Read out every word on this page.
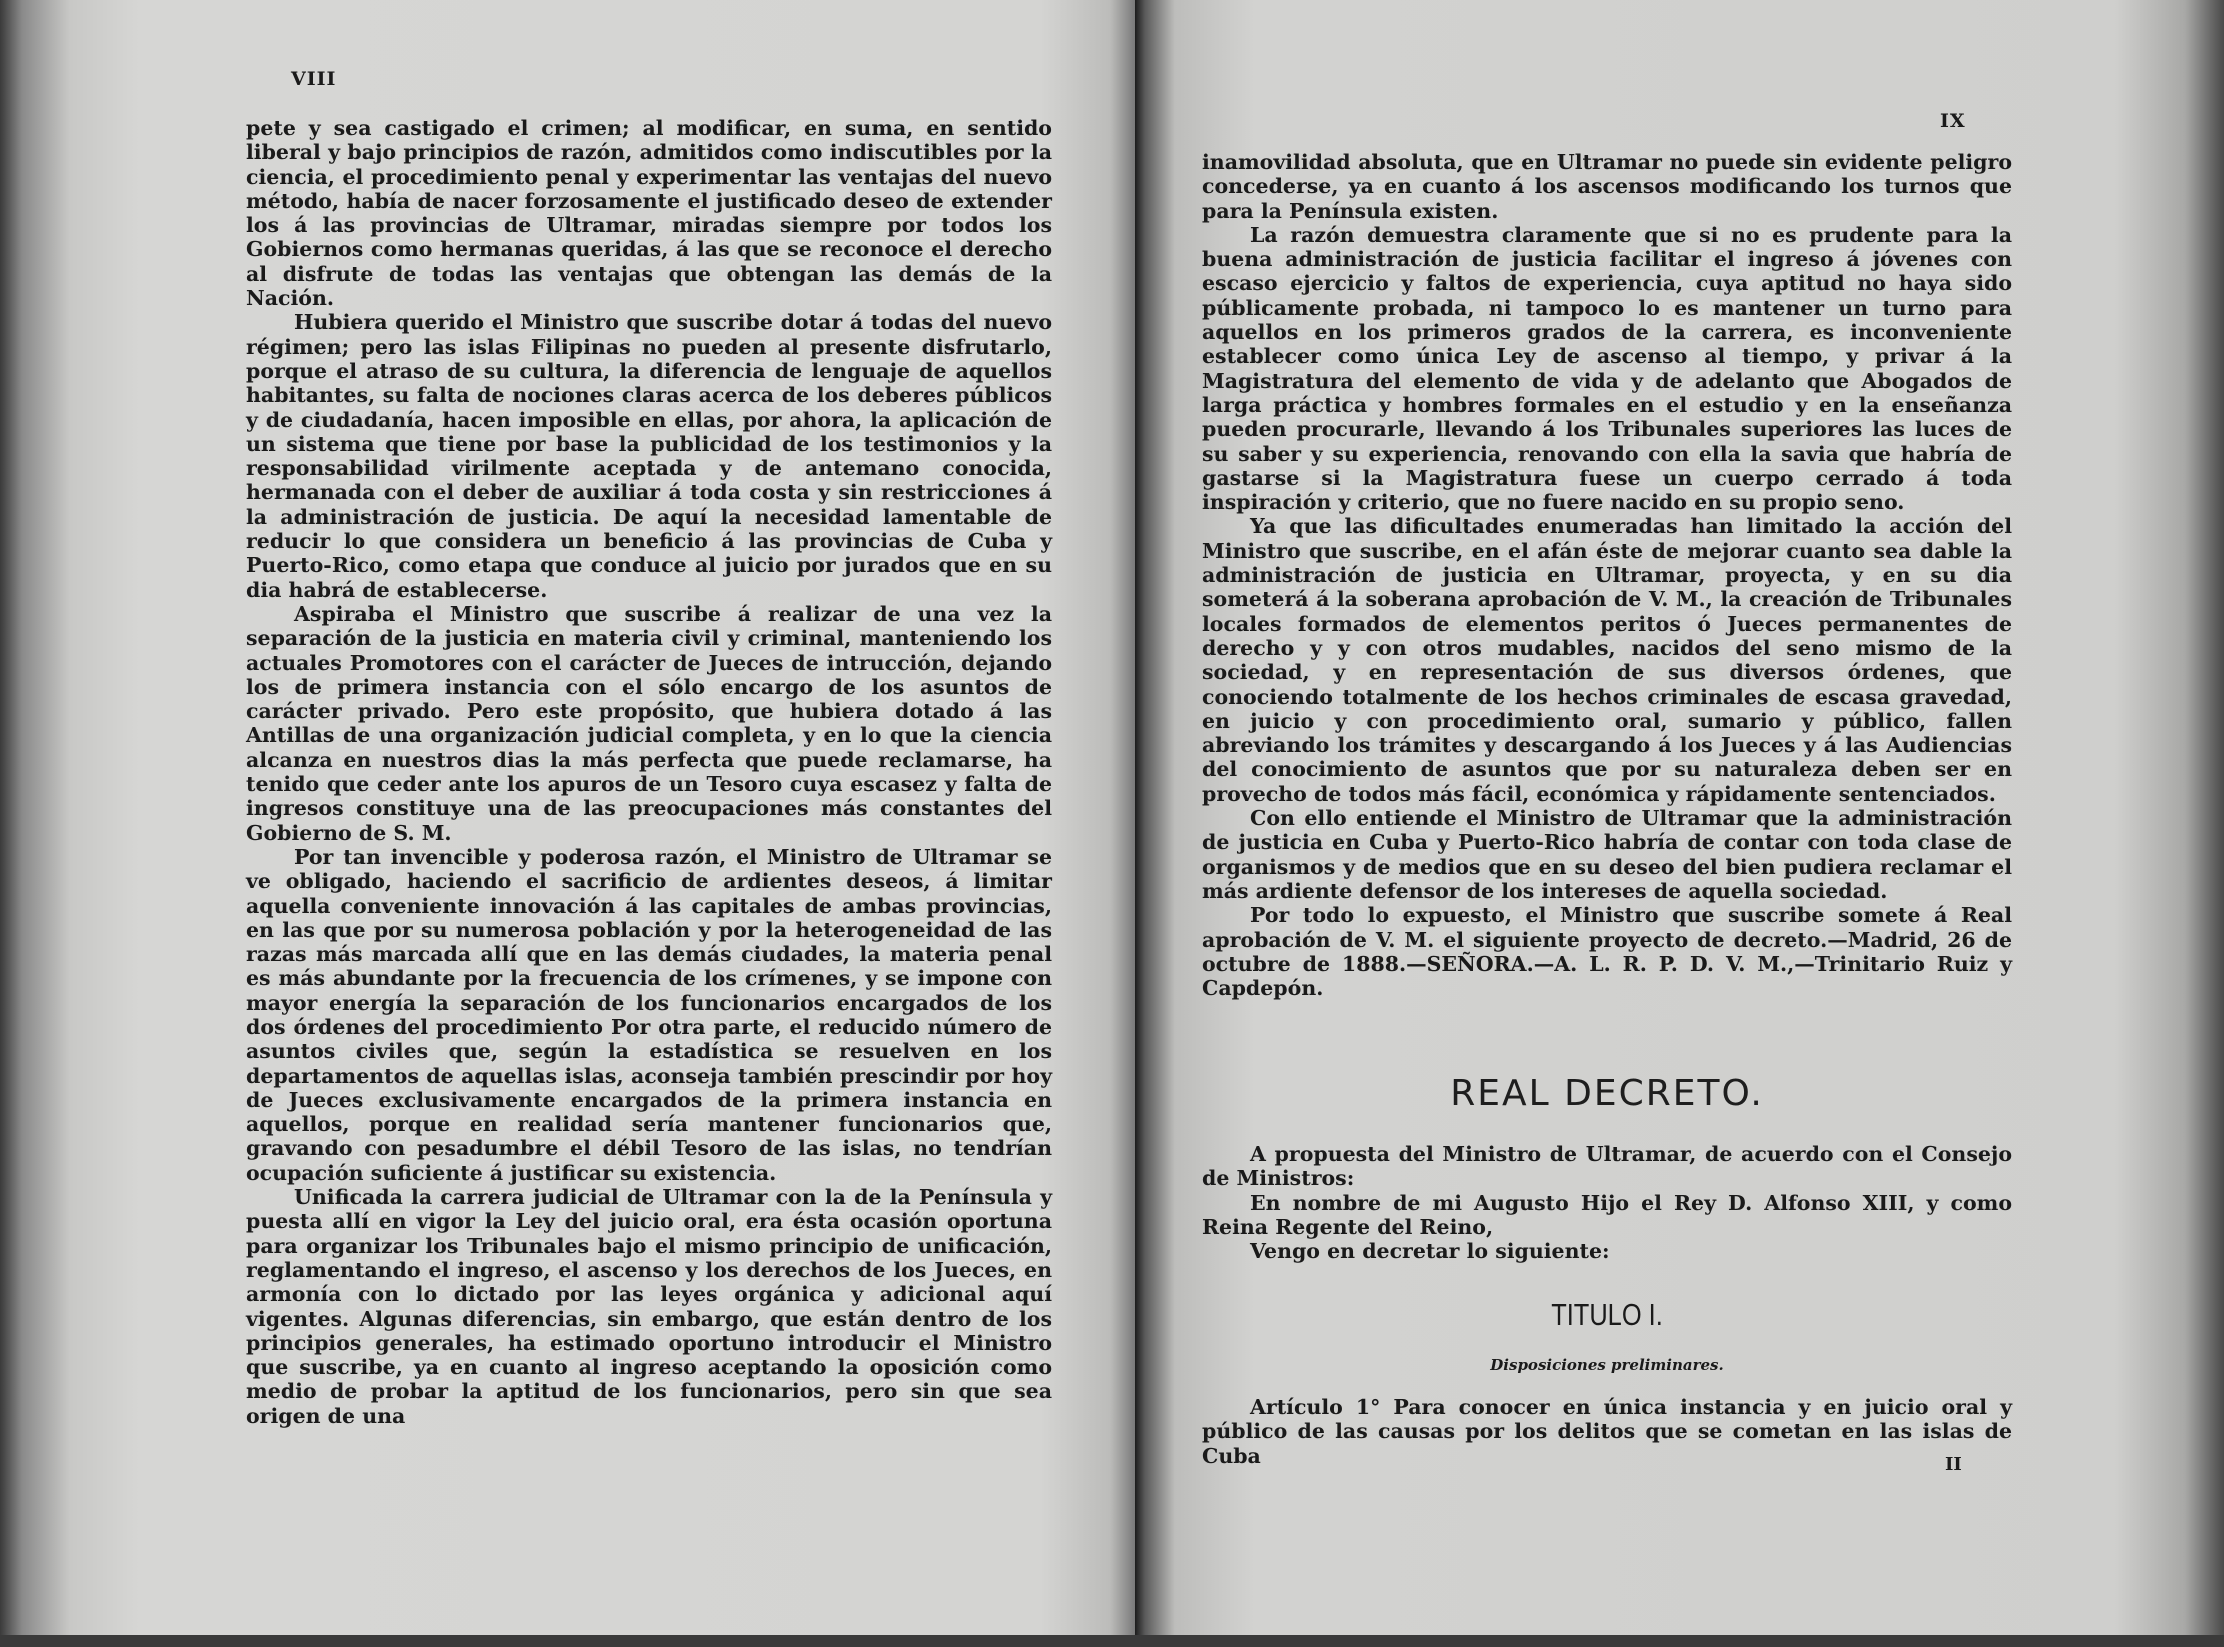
VIII

pete y sea castigado el crimen; al modificar, en suma, en sentido liberal y bajo principios de razón, admitidos como indiscutibles por la ciencia, el procedimiento penal y experimentar las ventajas del nuevo método, había de nacer forzosamente el justificado deseo de extender los á las provincias de Ultramar, miradas siempre por todos los Gobiernos como hermanas queridas, á las que se reconoce el derecho al disfrute de todas las ventajas que obtengan las demás de la Nación.

Hubiera querido el Ministro que suscribe dotar á todas del nuevo régimen; pero las islas Filipinas no pueden al presente disfrutarlo, porque el atraso de su cultura, la diferencia de lenguaje de aquellos habitantes, su falta de nociones claras acerca de los deberes públicos y de ciudadanía, hacen imposible en ellas, por ahora, la aplicación de un sistema que tiene por base la publicidad de los testimonios y la responsabilidad virilmente aceptada y de antemano conocida, hermanada con el deber de auxiliar á toda costa y sin restricciones á la administración de justicia. De aquí la necesidad lamentable de reducir lo que considera un beneficio á las provincias de Cuba y Puerto-Rico, como etapa que conduce al juicio por jurados que en su dia habrá de establecerse.

Aspiraba el Ministro que suscribe á realizar de una vez la separación de la justicia en materia civil y criminal, manteniendo los actuales Promotores con el carácter de Jueces de intrucción, dejando los de primera instancia con el sólo encargo de los asuntos de carácter privado. Pero este propósito, que hubiera dotado á las Antillas de una organización judicial completa, y en lo que la ciencia alcanza en nuestros dias la más perfecta que puede reclamarse, ha tenido que ceder ante los apuros de un Tesoro cuya escasez y falta de ingresos constituye una de las preocupaciones más constantes del Gobierno de S. M.

Por tan invencible y poderosa razón, el Ministro de Ultramar se ve obligado, haciendo el sacrificio de ardientes deseos, á limitar aquella conveniente innovación á las capitales de ambas provincias, en las que por su numerosa población y por la heterogeneidad de las razas más marcada allí que en las demás ciudades, la materia penal es más abundante por la frecuencia de los crímenes, y se impone con mayor energía la separación de los funcionarios encargados de los dos órdenes del procedimiento Por otra parte, el reducido número de asuntos civiles que, según la estadística se resuelven en los departamentos de aquellas islas, aconseja también prescindir por hoy de Jueces exclusivamente encargados de la primera instancia en aquellos, porque en realidad sería mantener funcionarios que, gravando con pesadumbre el débil Tesoro de las islas, no tendrían ocupación suficiente á justificar su existencia.

Unificada la carrera judicial de Ultramar con la de la Península y puesta allí en vigor la Ley del juicio oral, era ésta ocasión oportuna para organizar los Tribunales bajo el mismo principio de unificación, reglamentando el ingreso, el ascenso y los derechos de los Jueces, en armonía con lo dictado por las leyes orgánica y adicional aquí vigentes. Algunas diferencias, sin embargo, que están dentro de los principios generales, ha estimado oportuno introducir el Ministro que suscribe, ya en cuanto al ingreso aceptando la oposición como medio de probar la aptitud de los funcionarios, pero sin que sea origen de una

IX

inamovilidad absoluta, que en Ultramar no puede sin evidente peligro concederse, ya en cuanto á los ascensos modificando los turnos que para la Península existen.

La razón demuestra claramente que si no es prudente para la buena administración de justicia facilitar el ingreso á jóvenes con escaso ejercicio y faltos de experiencia, cuya aptitud no haya sido públicamente probada, ni tampoco lo es mantener un turno para aquellos en los primeros grados de la carrera, es inconveniente establecer como única Ley de ascenso al tiempo, y privar á la Magistratura del elemento de vida y de adelanto que Abogados de larga práctica y hombres formales en el estudio y en la enseñanza pueden procurarle, llevando á los Tribunales superiores las luces de su saber y su experiencia, renovando con ella la savia que habría de gastarse si la Magistratura fuese un cuerpo cerrado á toda inspiración y criterio, que no fuere nacido en su propio seno.

Ya que las dificultades enumeradas han limitado la acción del Ministro que suscribe, en el afán éste de mejorar cuanto sea dable la administración de justicia en Ultramar, proyecta, y en su dia someterá á la soberana aprobación de V. M., la creación de Tribunales locales formados de elementos peritos ó Jueces permanentes de derecho y y con otros mudables, nacidos del seno mismo de la sociedad, y en representación de sus diversos órdenes, que conociendo totalmente de los hechos criminales de escasa gravedad, en juicio y con procedimiento oral, sumario y público, fallen abreviando los trámites y descargando á los Jueces y á las Audiencias del conocimiento de asuntos que por su naturaleza deben ser en provecho de todos más fácil, económica y rápidamente sentenciados.

Con ello entiende el Ministro de Ultramar que la administración de justicia en Cuba y Puerto-Rico habría de contar con toda clase de organismos y de medios que en su deseo del bien pudiera reclamar el más ardiente defensor de los intereses de aquella sociedad.

Por todo lo expuesto, el Ministro que suscribe somete á Real aprobación de V. M. el siguiente proyecto de decreto.—Madrid, 26 de octubre de 1888.—SEÑORA.—A. L. R. P. D. V. M.,—Trinitario Ruiz y Capdepón.

REAL DECRETO.

A propuesta del Ministro de Ultramar, de acuerdo con el Consejo de Ministros:

En nombre de mi Augusto Hijo el Rey D. Alfonso XIII, y como Reina Regente del Reino,

Vengo en decretar lo siguiente:

TITULO I.
Disposiciones preliminares.

Artículo 1° Para conocer en única instancia y en juicio oral y público de las causas por los delitos que se cometan en las islas de Cuba	II
